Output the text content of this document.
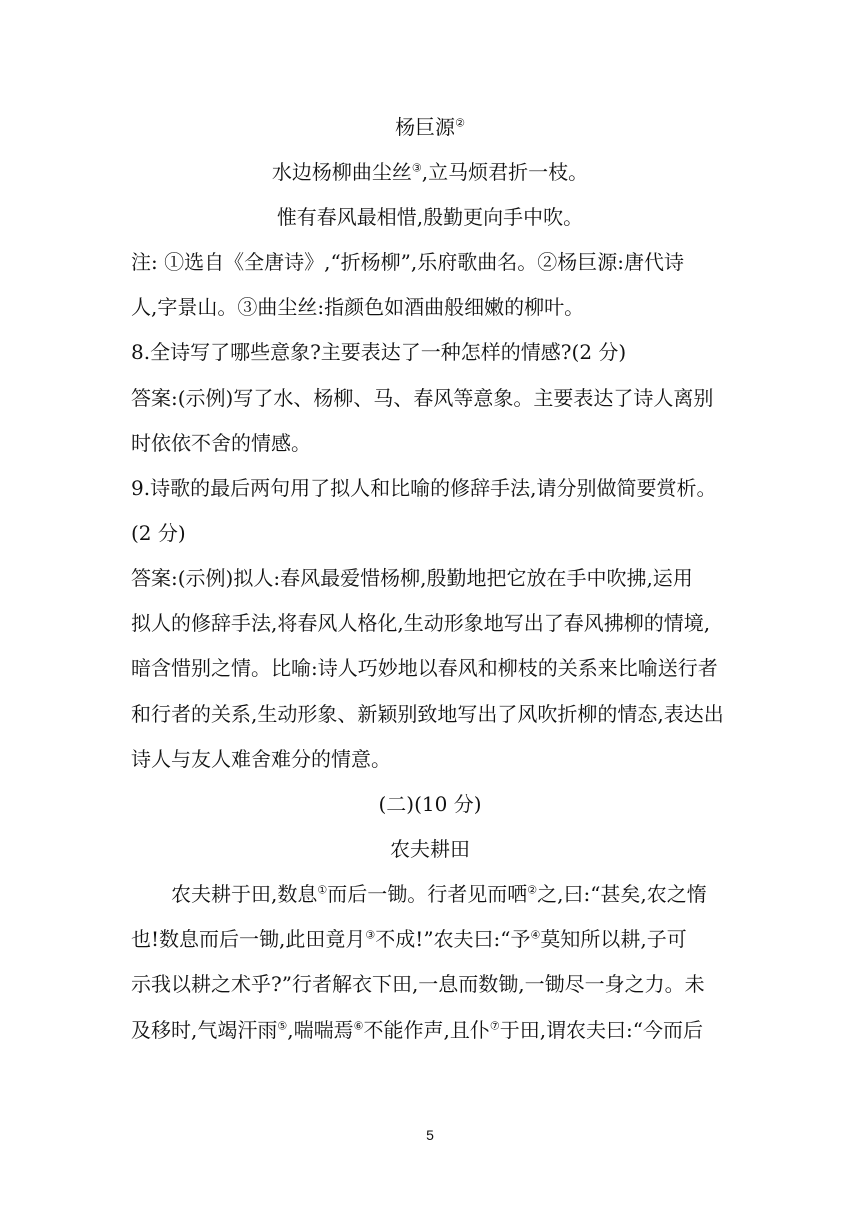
杨巨源②
水边杨柳曲尘丝③,立马烦君折一枝。
惟有春风最相惜,殷勤更向手中吹。
注: ①选自《全唐诗》,“折杨柳”,乐府歌曲名。②杨巨源:唐代诗
人,字景山。③曲尘丝:指颜色如酒曲般细嫩的柳叶。
8.全诗写了哪些意象?主要表达了一种怎样的情感?(2 分)
答案:(示例)写了水、杨柳、马、春风等意象。主要表达了诗人离别
时依依不舍的情感。
9.诗歌的最后两句用了拟人和比喻的修辞手法,请分别做简要赏析。
(2 分)
答案:(示例)拟人:春风最爱惜杨柳,殷勤地把它放在手中吹拂,运用
拟人的修辞手法,将春风人格化,生动形象地写出了春风拂柳的情境,
暗含惜别之情。比喻:诗人巧妙地以春风和柳枝的关系来比喻送行者
和行者的关系,生动形象、新颖别致地写出了风吹折柳的情态,表达出
诗人与友人难舍难分的情意。
(二)(10 分)
农夫耕田
农夫耕于田,数息①而后一锄。行者见而哂②之,曰:“甚矣,农之惰
也!数息而后一锄,此田竟月③不成!”农夫曰:“予④莫知所以耕,子可
示我以耕之术乎?”行者解衣下田,一息而数锄,一锄尽一身之力。未
及移时,气竭汗雨⑤,喘喘焉⑥不能作声,且仆⑦于田,谓农夫曰:“今而后
5
